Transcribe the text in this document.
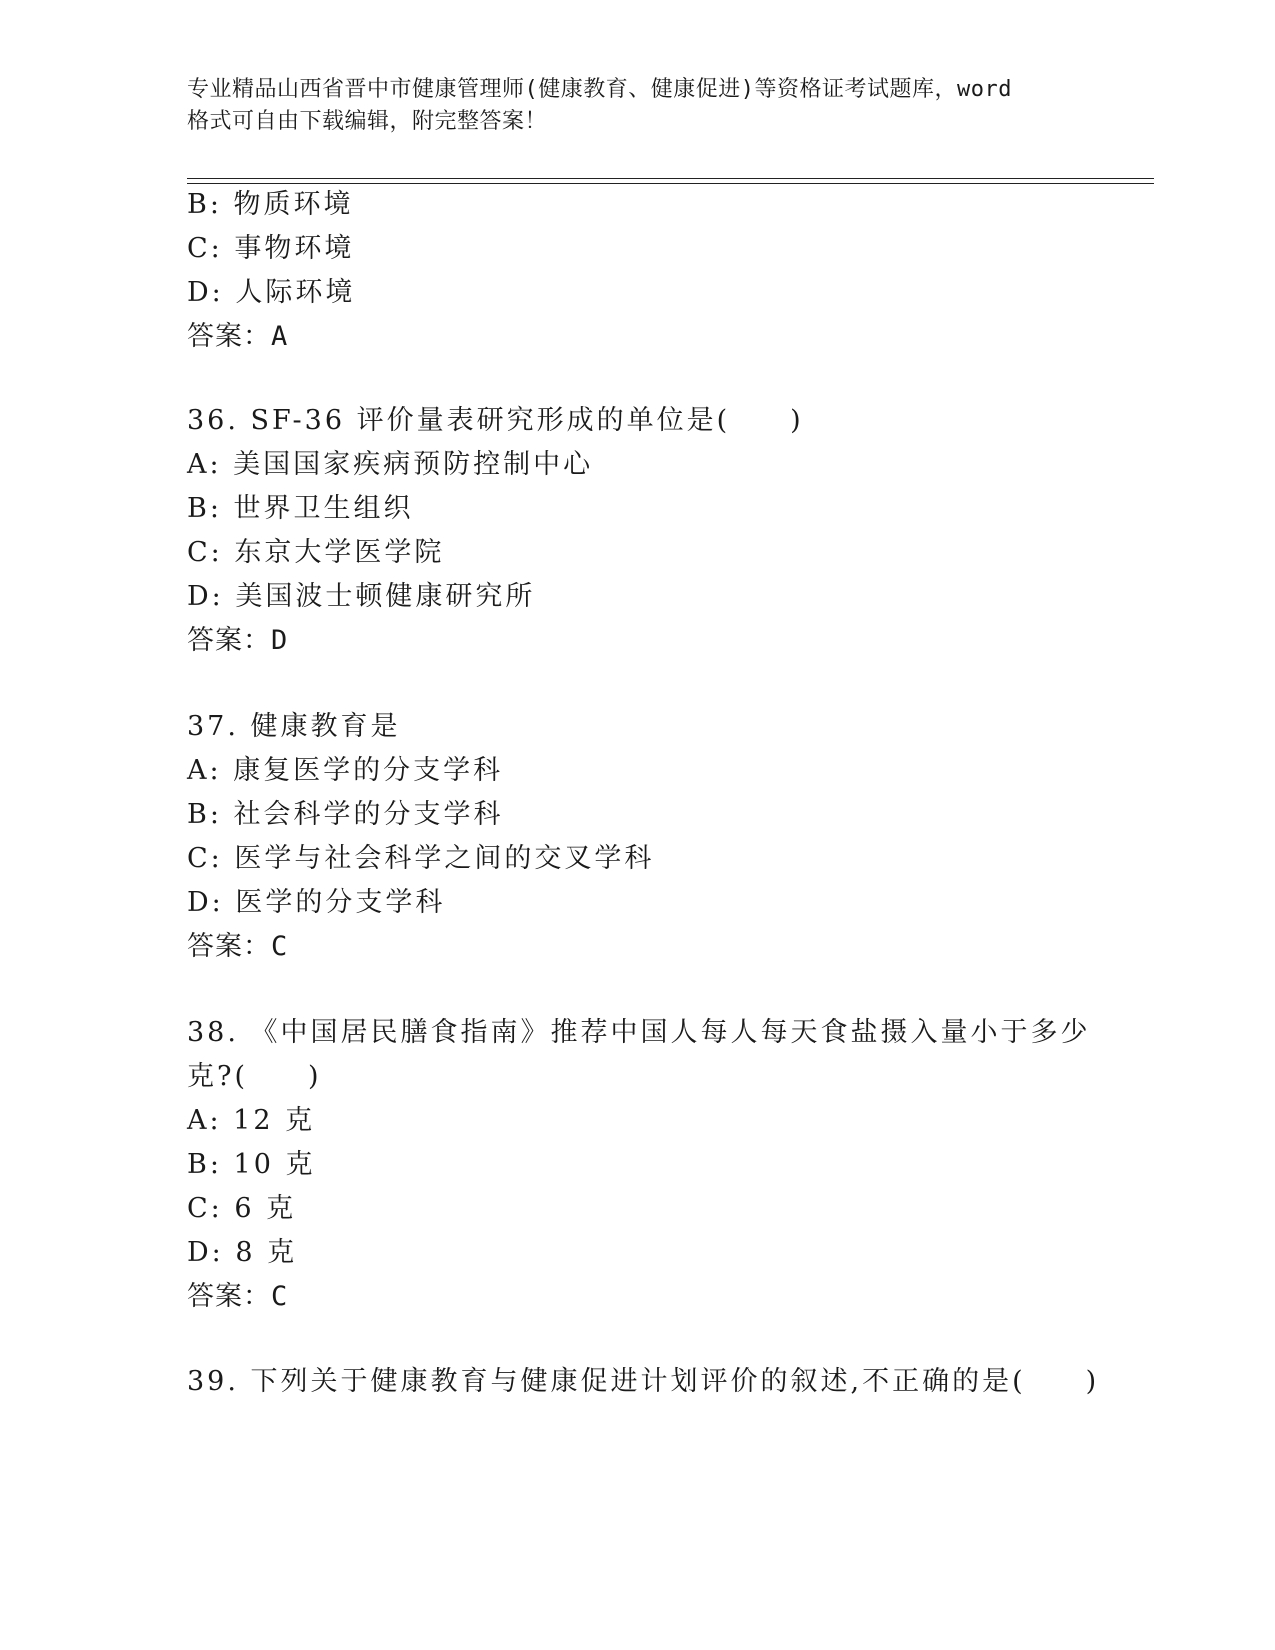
专业精品山西省晋中市健康管理师(健康教育、健康促进)等资格证考试题库，word
格式可自由下载编辑，附完整答案！
B: 物质环境
C: 事物环境
D: 人际环境
答案：A
36. SF-36 评价量表研究形成的单位是(　　)
A: 美国国家疾病预防控制中心
B: 世界卫生组织
C: 东京大学医学院
D: 美国波士顿健康研究所
答案：D
37. 健康教育是
A: 康复医学的分支学科
B: 社会科学的分支学科
C: 医学与社会科学之间的交叉学科
D: 医学的分支学科
答案：C
38. 《中国居民膳食指南》推荐中国人每人每天食盐摄入量小于多少
克?(　　)
A: 12 克
B: 10 克
C: 6 克
D: 8 克
答案：C
39. 下列关于健康教育与健康促进计划评价的叙述,不正确的是(　　)
